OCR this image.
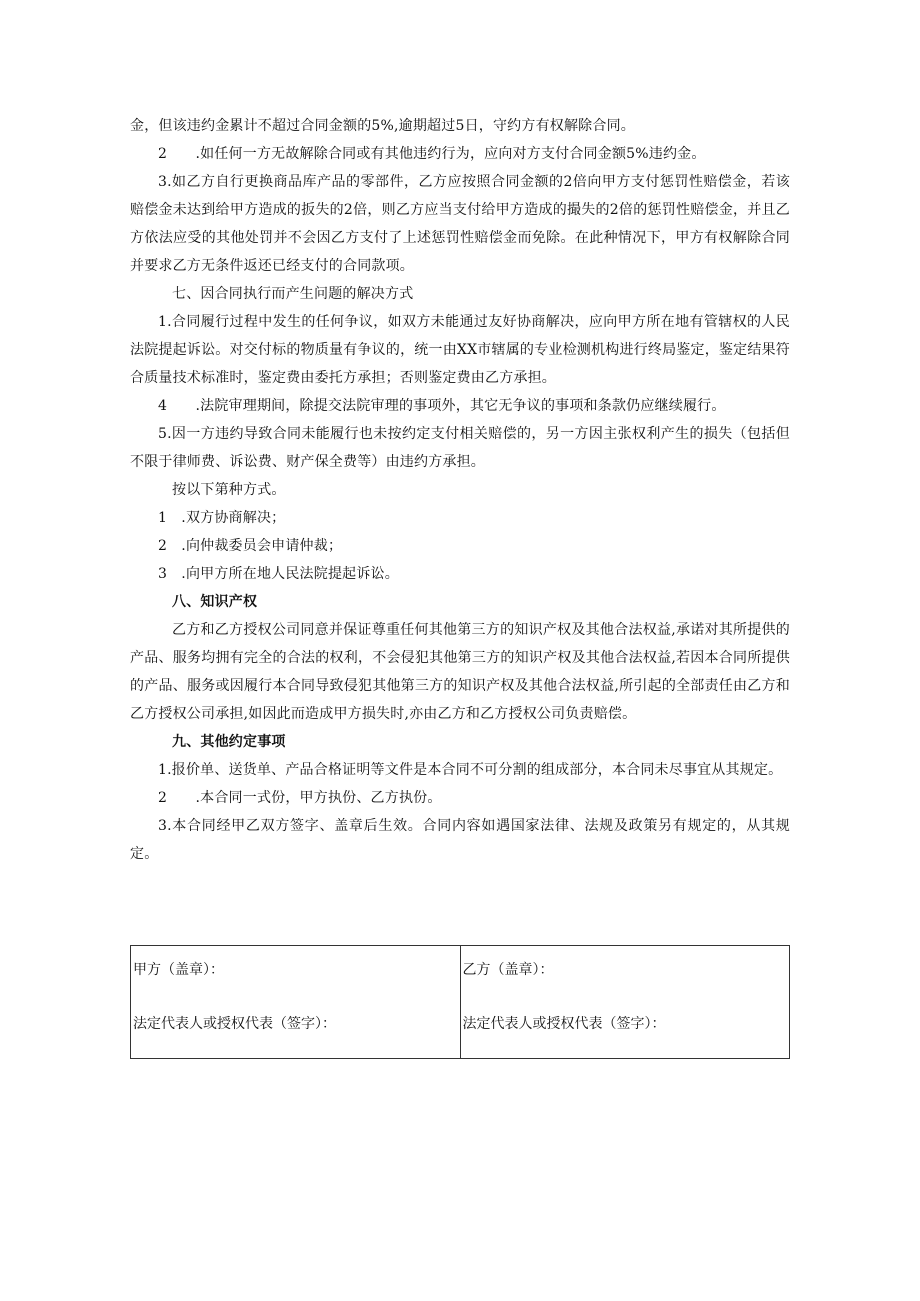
金，但该违约金累计不超过合同金额的5%,逾期超过5日，守约方有权解除合同。

2　　.如任何一方无故解除合同或有其他违约行为，应向对方支付合同金额5%违约金。

3.如乙方自行更换商品库产品的零部件，乙方应按照合同金额的2倍向甲方支付惩罚性赔偿金，若该赔偿金未达到给甲方造成的扳失的2倍，则乙方应当支付给甲方造成的撮失的2倍的惩罚性赔偿金，并且乙方依法应受的其他处罚并不会因乙方支付了上述惩罚性赔偿金而免除。在此种情况下，甲方有权解除合同并要求乙方无条件返还已经支付的合同款项。

七、因合同执行而产生问题的解决方式

1.合同履行过程中发生的任何争议，如双方未能通过友好协商解决，应向甲方所在地有管辖权的人民法院提起诉讼。对交付标的物质量有争议的，统一由XX市辖属的专业检测机构进行终局鉴定，鉴定结果符合质量技术标准时，鉴定费由委托方承担；否则鉴定费由乙方承担。

4　　.法院审理期间，除提交法院审理的事项外，其它无争议的事项和条款仍应继续履行。

5.因一方违约导致合同未能履行也未按约定支付相关赔偿的，另一方因主张权利产生的损失（包括但不限于律师费、诉讼费、财产保全费等）由违约方承担。

按以下第种方式。

1　.双方协商解决；

2　.向仲裁委员会申请仲裁；

3　.向甲方所在地人民法院提起诉讼。

八、知识产权

乙方和乙方授权公司同意并保证尊重任何其他第三方的知识产权及其他合法权益,承诺对其所提供的产品、服务均拥有完全的合法的权利，不会侵犯其他第三方的知识产权及其他合法权益,若因本合同所提供的产品、服务或因履行本合同导致侵犯其他第三方的知识产权及其他合法权益,所引起的全部责任由乙方和乙方授权公司承担,如因此而造成甲方损失时,亦由乙方和乙方授权公司负责赔偿。

九、其他约定事项

1.报价单、送货单、产品合格证明等文件是本合同不可分割的组成部分，本合同未尽事宜从其规定。

2　　.本合同一式份，甲方执份、乙方执份。

3.本合同经甲乙双方签字、盖章后生效。合同内容如遇国家法律、法规及政策另有规定的，从其规定。

甲方（盖章）：
法定代表人或授权代表（签字）：

乙方（盖章）：
法定代表人或授权代表（签字）：
